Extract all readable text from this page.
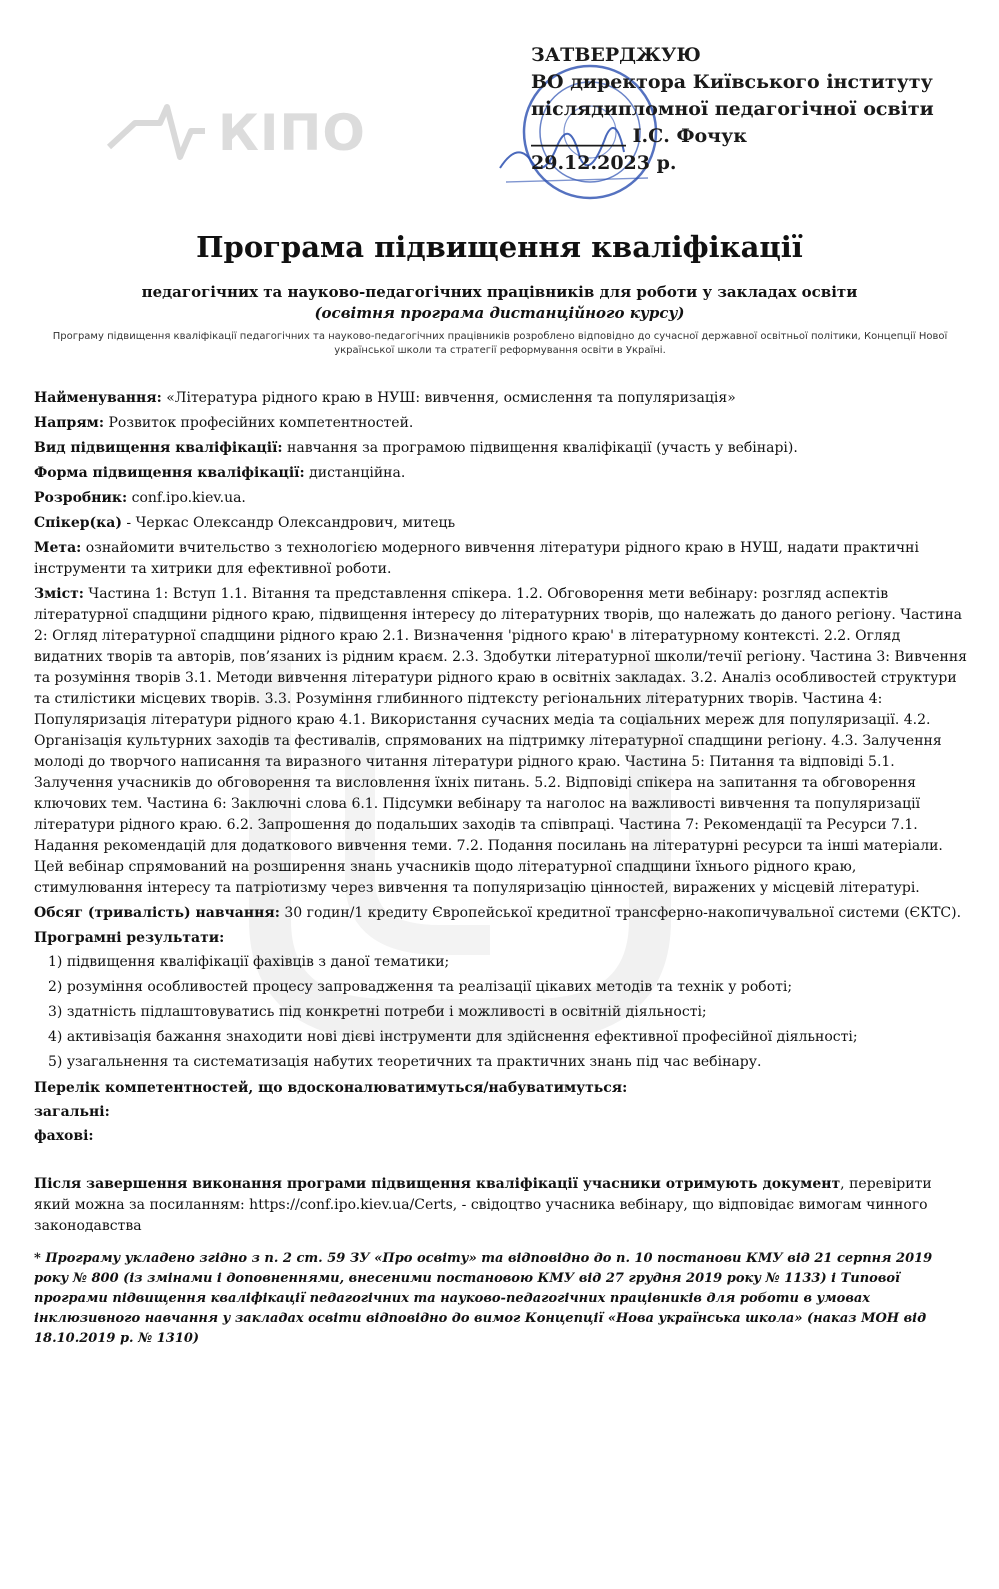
КІПО
ЗАТВЕРДЖУЮ
ВО директора Київського інституту
післядипломної педагогічної освіти
__________ І.С. Фочук
29.12.2023 р.
Програма підвищення кваліфікації
педагогічних та науково-педагогічних працівників для роботи у закладах освіти
(освітня програма дистанційного курсу)
Програму підвищення кваліфікації педагогічних та науково-педагогічних працівників розроблено відповідно до сучасної державної освітньої політики, Концепції Нової української школи та стратегії реформування освіти в Україні.
Найменування: «Література рідного краю в НУШ: вивчення, осмислення та популяризація»
Напрям: Розвиток професійних компетентностей.
Вид підвищення кваліфікації: навчання за програмою підвищення кваліфікації (участь у вебінарі).
Форма підвищення кваліфікації: дистанційна.
Розробник: conf.ipo.kiev.ua.
Спікер(ка) - Черкас Олександр Олександрович, митець
Мета: ознайомити вчительство з технологією модерного вивчення літератури рідного краю в НУШ, надати практичні інструменти та хитрики для ефективної роботи.
Зміст: Частина 1: Вступ 1.1. Вітання та представлення спікера. 1.2. Обговорення мети вебінару: розгляд аспектів літературної спадщини рідного краю, підвищення інтересу до літературних творів, що належать до даного регіону. Частина 2: Огляд літературної спадщини рідного краю 2.1. Визначення 'рідного краю' в літературному контексті. 2.2. Огляд видатних творів та авторів, пов’язаних із рідним краєм. 2.3. Здобутки літературної школи/течії регіону. Частина 3: Вивчення та розуміння творів 3.1. Методи вивчення літератури рідного краю в освітніх закладах. 3.2. Аналіз особливостей структури та стилістики місцевих творів. 3.3. Розуміння глибинного підтексту регіональних літературних творів. Частина 4: Популяризація літератури рідного краю 4.1. Використання сучасних медіа та соціальних мереж для популяризації. 4.2. Організація культурних заходів та фестивалів, спрямованих на підтримку літературної спадщини регіону. 4.3. Залучення молоді до творчого написання та виразного читання літератури рідного краю. Частина 5: Питання та відповіді 5.1. Залучення учасників до обговорення та висловлення їхніх питань. 5.2. Відповіді спікера на запитання та обговорення ключових тем. Частина 6: Заключні слова 6.1. Підсумки вебінару та наголос на важливості вивчення та популяризації літератури рідного краю. 6.2. Запрошення до подальших заходів та співпраці. Частина 7: Рекомендації та Ресурси 7.1. Надання рекомендацій для додаткового вивчення теми. 7.2. Подання посилань на літературні ресурси та інші матеріали. Цей вебінар спрямований на розширення знань учасників щодо літературної спадщини їхнього рідного краю, стимулювання інтересу та патріотизму через вивчення та популяризацію цінностей, виражених у місцевій літературі.
Обсяг (тривалість) навчання: 30 годин/1 кредиту Європейської кредитної трансферно-накопичувальної системи (ЄКТС).
Програмні результати:
1) підвищення кваліфікації фахівців з даної тематики;
2) розуміння особливостей процесу запровадження та реалізації цікавих методів та технік у роботі;
3) здатність підлаштовуватись під конкретні потреби і можливості в освітній діяльності;
4) активізація бажання знаходити нові дієві інструменти для здійснення ефективної професійної діяльності;
5) узагальнення та систематизація набутих теоретичних та практичних знань під час вебінару.
Перелік компетентностей, що вдосконалюватимуться/набуватимуться:
загальні:
фахові:
Після завершення виконання програми підвищення кваліфікації учасники отримують документ, перевірити який можна за посиланням: https://conf.ipo.kiev.ua/Certs, - свідоцтво учасника вебінару, що відповідає вимогам чинного законодавства
* Програму укладено згідно з п. 2 ст. 59 ЗУ «Про освіту» та відповідно до п. 10 постанови КМУ від 21 серпня 2019 року № 800 (із змінами і доповненнями, внесеними постановою КМУ від 27 грудня 2019 року № 1133) і Типової програми підвищення кваліфікації педагогічних та науково-педагогічних працівників для роботи в умовах інклюзивного навчання у закладах освіти відповідно до вимог Концепції «Нова українська школа» (наказ МОН від 18.10.2019 р. № 1310)
